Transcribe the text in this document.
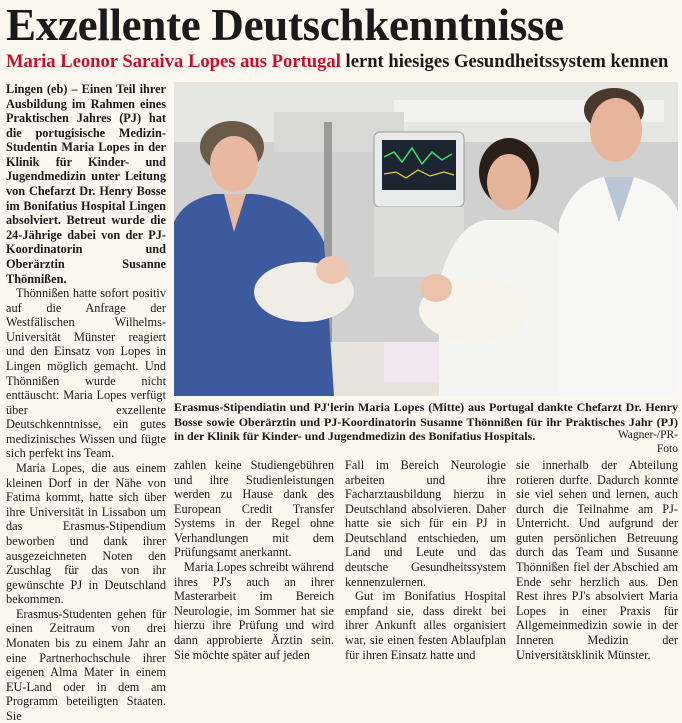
Exzellente Deutschkenntnisse
Maria Leonor Saraiva Lopes aus Portugal lernt hiesiges Gesundheitssystem kennen

Lingen (eb) – Einen Teil ihrer Ausbildung im Rahmen eines Praktischen Jahres (PJ) hat die portugisische Medizin-Studentin Maria Lopes in der Klinik für Kinder- und Jugendmedizin unter Leitung von Chefarzt Dr. Henry Bosse im Bonifatius Hospital Lingen absolviert. Betreut wurde die 24-Jährige dabei von der PJ-Koordinatorin und Oberärztin Susanne Thönnißen.

Thönnißen hatte sofort positiv auf die Anfrage der Westfälischen Wilhelms-Universität Münster reagiert und den Einsatz von Lopes in Lingen möglich gemacht. Und Thönnißen wurde nicht enttäuscht: Maria Lopes verfügt über exzellente Deutschkenntnisse, ein gutes medizinisches Wissen und fügte sich perfekt ins Team.

Maria Lopes, die aus einem kleinen Dorf in der Nähe von Fatima kommt, hatte sich über ihre Universität in Lissabon um das Erasmus-Stipendium beworben und dank ihrer ausgezeichneten Noten den Zuschlag für das von ihr gewünschte PJ in Deutschland bekommen.

Erasmus-Studenten gehen für einen Zeitraum von drei Monaten bis zu einem Jahr an eine Partnerhochschule ihrer eigenen Alma Mater in einem EU-Land oder in dem am Programm beteiligten Staaten. Sie

Erasmus-Stipendiatin und PJ'lerin Maria Lopes (Mitte) aus Portugal dankte Chefarzt Dr. Henry Bosse sowie Oberärztin und PJ-Koordinatorin Susanne Thönnißen für ihr Praktisches Jahr (PJ) in der Klinik für Kinder- und Jugendmedizin des Bonifatius Hospitals.	Wagner-/PR-Foto

zahlen keine Studiengebühren und ihre Studienleistungen werden zu Hause dank des European Credit Transfer Systems in der Regel ohne Verhandlungen mit dem Prüfungsamt anerkannt.

Maria Lopes schreibt während ihres PJ's auch an ihrer Masterarbeit im Bereich Neurologie, im Sommer hat sie hierzu ihre Prüfung und wird dann approbierte Ärztin sein. Sie möchte später auf jeden

Fall im Bereich Neurologie arbeiten und ihre Facharztausbildung hierzu in Deutschland absolvieren. Daher hatte sie sich für ein PJ in Deutschland entschieden, um Land und Leute und das deutsche Gesundheitssystem kennenzulernen.

Gut im Bonifatius Hospital empfand sie, dass direkt bei ihrer Ankunft alles organisiert war, sie einen festen Ablaufplan für ihren Einsatz hatte und

sie innerhalb der Abteilung rotieren durfte. Dadurch konnte sie viel sehen und lernen, auch durch die Teilnahme am PJ-Unterricht. Und aufgrund der guten persönlichen Betreuung durch das Team und Susanne Thönnißen fiel der Abschied am Ende sehr herzlich aus. Den Rest ihres PJ's absolviert Maria Lopes in einer Praxis für Allgemeinmedizin sowie in der Inneren Medizin der Universitätsklinik Münster.
